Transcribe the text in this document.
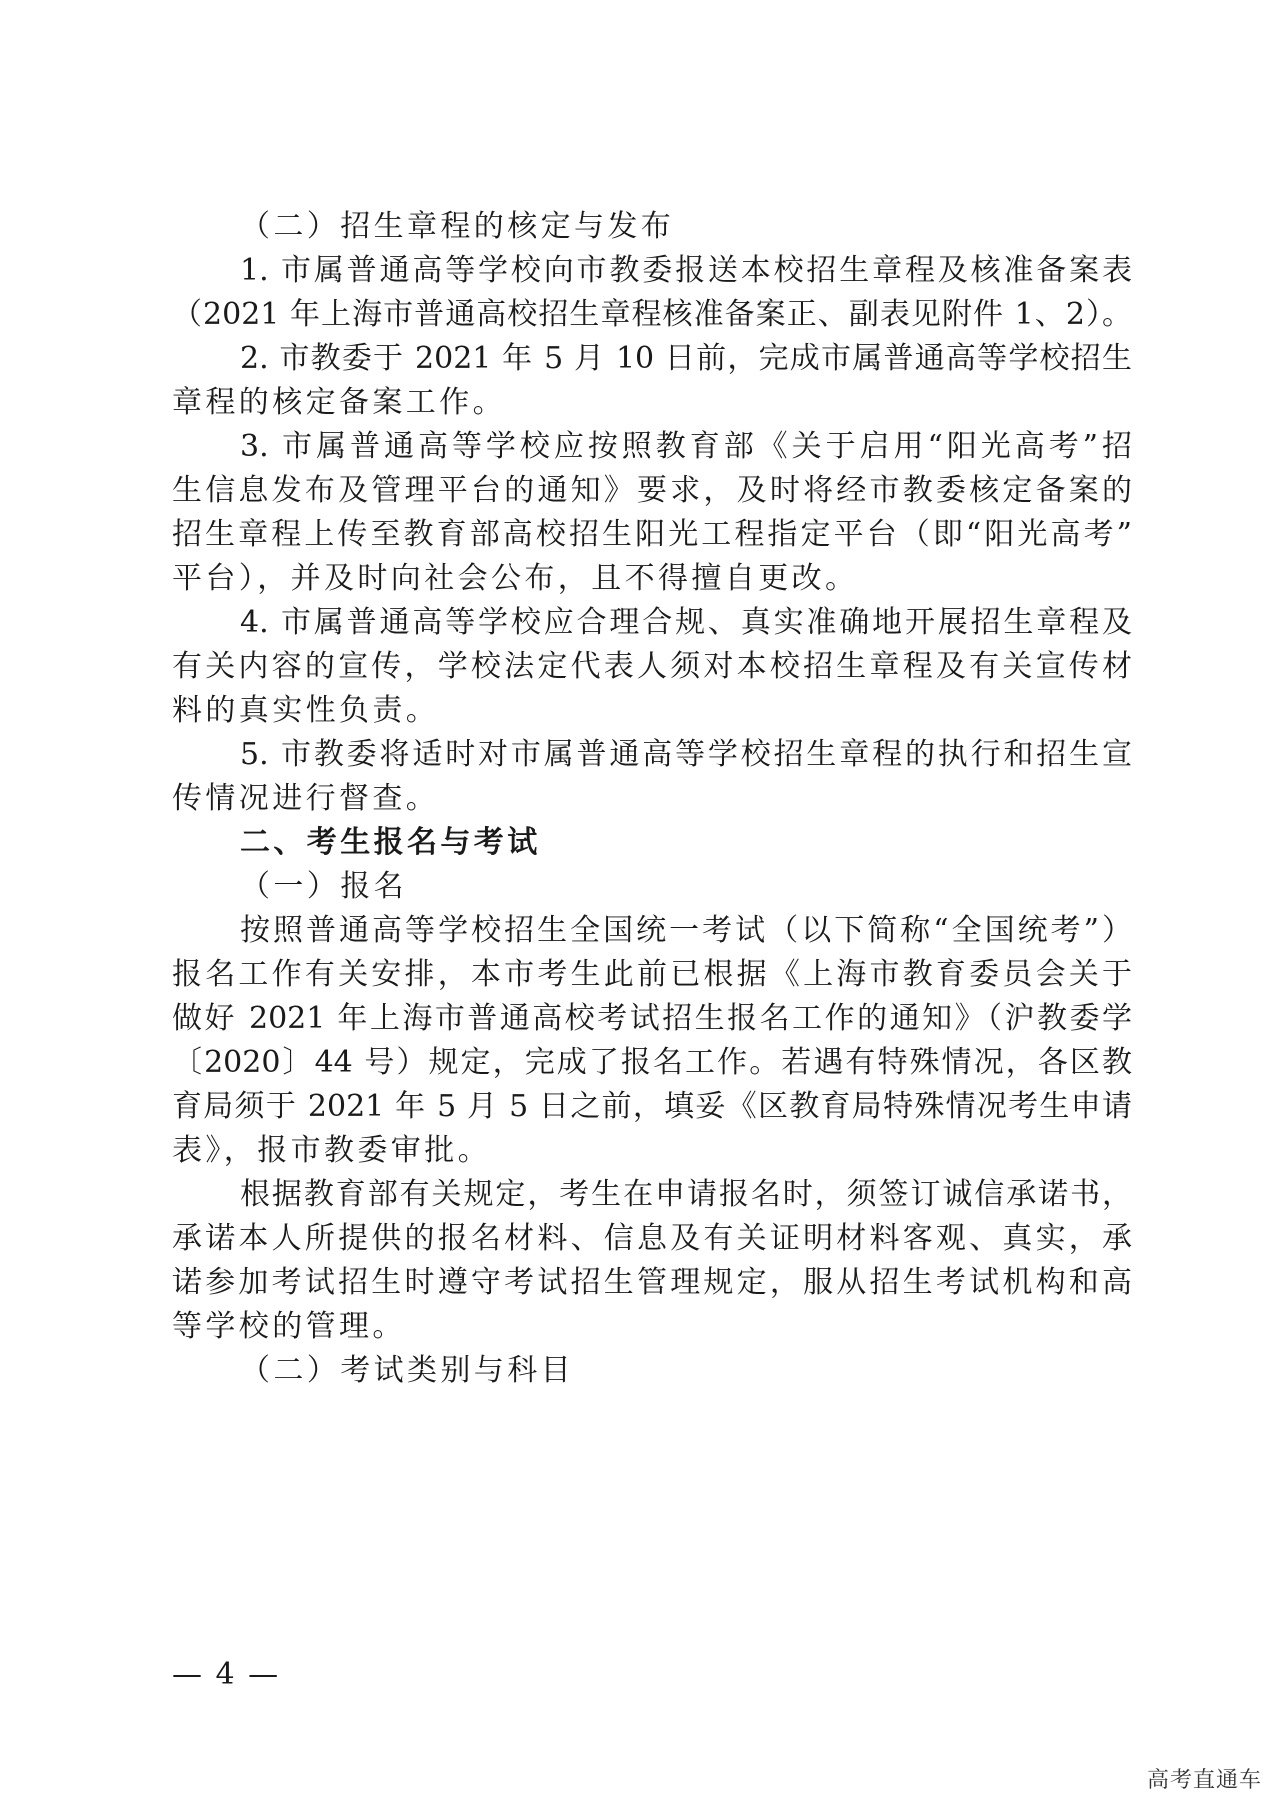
（二）招生章程的核定与发布
1. 市属普通高等学校向市教委报送本校招生章程及核准备案表
（2021 年上海市普通高校招生章程核准备案正、副表见附件 1、2）。
2. 市教委于 2021 年 5 月 10 日前，完成市属普通高等学校招生
章程的核定备案工作。
3. 市属普通高等学校应按照教育部《关于启用“阳光高考”招
生信息发布及管理平台的通知》要求，及时将经市教委核定备案的
招生章程上传至教育部高校招生阳光工程指定平台（即“阳光高考”
平台），并及时向社会公布，且不得擅自更改。
4. 市属普通高等学校应合理合规、真实准确地开展招生章程及
有关内容的宣传，学校法定代表人须对本校招生章程及有关宣传材
料的真实性负责。
5. 市教委将适时对市属普通高等学校招生章程的执行和招生宣
传情况进行督查。
二、考生报名与考试
（一）报名
按照普通高等学校招生全国统一考试（以下简称“全国统考”）
报名工作有关安排，本市考生此前已根据《上海市教育委员会关于
做好 2021 年上海市普通高校考试招生报名工作的通知》（沪教委学
〔2020〕44 号）规定，完成了报名工作。若遇有特殊情况，各区教
育局须于 2021 年 5 月 5 日之前，填妥《区教育局特殊情况考生申请
表》，报市教委审批。
根据教育部有关规定，考生在申请报名时，须签订诚信承诺书，
承诺本人所提供的报名材料、信息及有关证明材料客观、真实，承
诺参加考试招生时遵守考试招生管理规定，服从招生考试机构和高
等学校的管理。
（二）考试类别与科目
— 4 —
高考直通车
